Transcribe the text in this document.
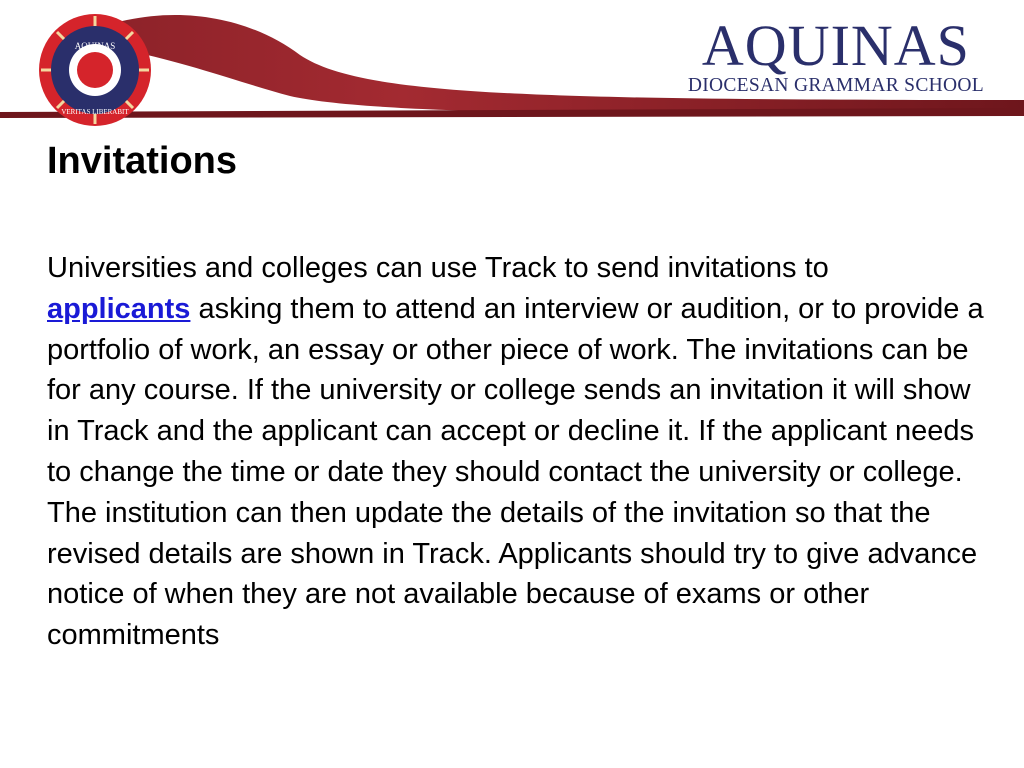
AQUINAS
VERITAS LIBERABIT
AQUINAS
DIOCESAN GRAMMAR SCHOOL
Invitations

Universities and colleges can use Track to send invitations to
applicants asking them to attend an interview or audition, or to provide a portfolio of work, an essay or other piece of work. The invitations can be for any course. If the university or college sends an invitation it will show in Track and the applicant can accept or decline it. If the applicant needs to change the time or date they should contact the university or college. The institution can then update the details of the invitation so that the revised details are shown in Track. Applicants should try to give advance notice of when they are not available because of exams or other commitments
